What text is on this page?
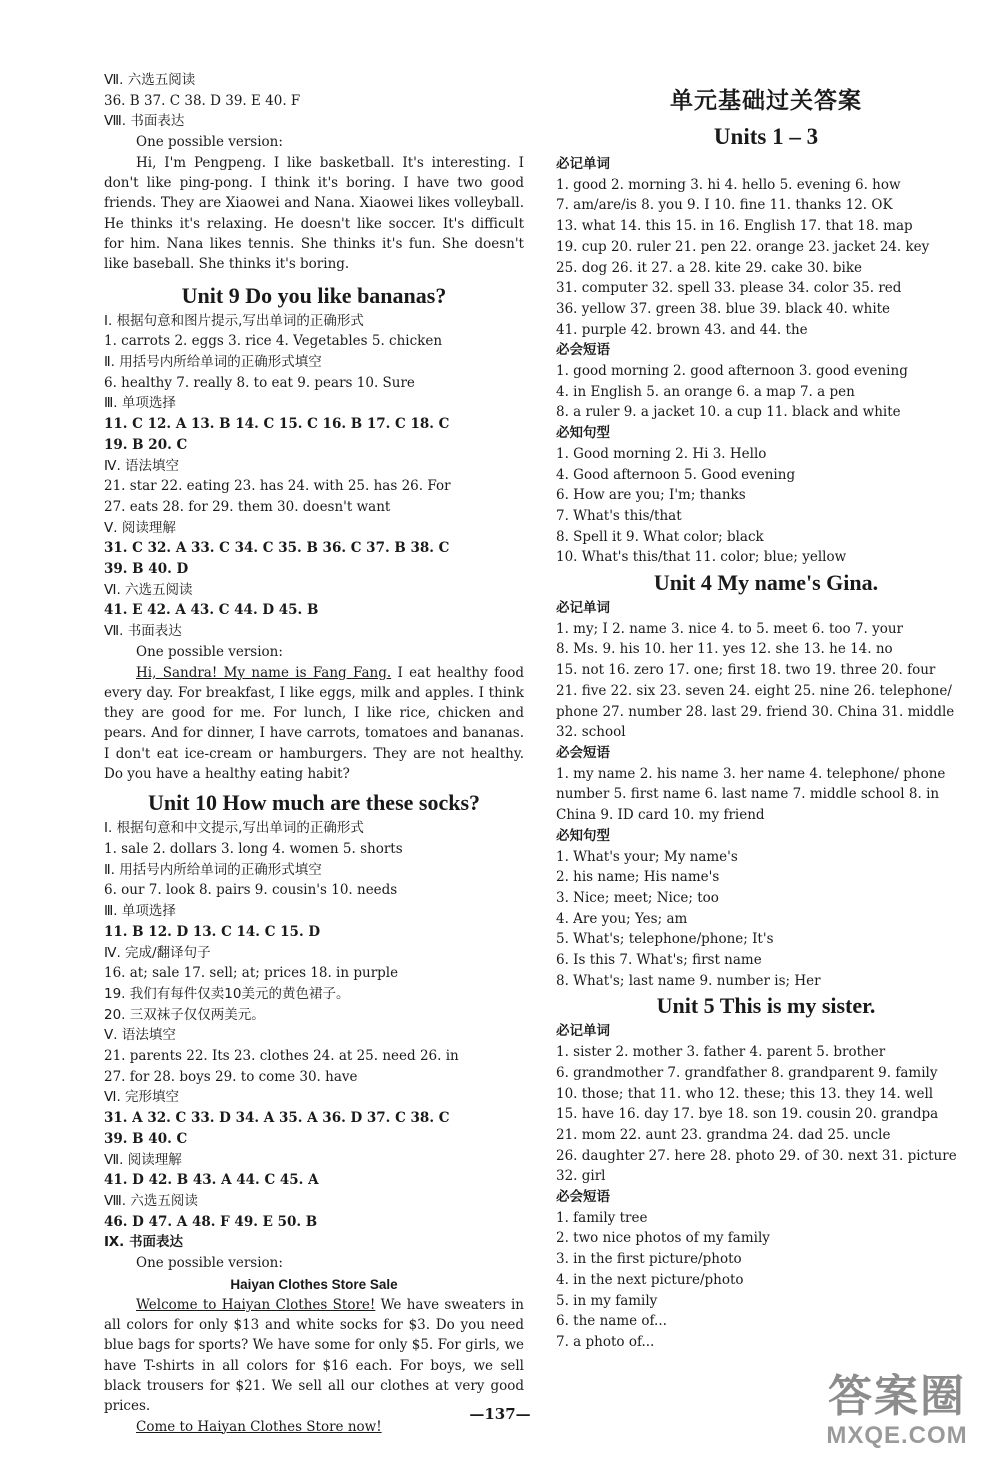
Ⅶ. 六选五阅读
36. B 37. C 38. D 39. E 40. F
Ⅷ. 书面表达
One possible version:
Hi, I'm Pengpeng. I like basketball. It's interesting. I don't like ping-pong. I think it's boring. I have two good friends. They are Xiaowei and Nana. Xiaowei likes volleyball. He thinks it's relaxing. He doesn't like soccer. It's difficult for him. Nana likes tennis. She thinks it's fun. She doesn't like baseball. She thinks it's boring.
Unit 9 Do you like bananas?
Ⅰ. 根据句意和图片提示,写出单词的正确形式
1. carrots 2. eggs 3. rice 4. Vegetables 5. chicken
Ⅱ. 用括号内所给单词的正确形式填空
6. healthy 7. really 8. to eat 9. pears 10. Sure
Ⅲ. 单项选择
11. C 12. A 13. B 14. C 15. C 16. B 17. C 18. C
19. B 20. C
Ⅳ. 语法填空
21. star 22. eating 23. has 24. with 25. has 26. For
27. eats 28. for 29. them 30. doesn't want
Ⅴ. 阅读理解
31. C 32. A 33. C 34. C 35. B 36. C 37. B 38. C
39. B 40. D
Ⅵ. 六选五阅读
41. E 42. A 43. C 44. D 45. B
Ⅶ. 书面表达
One possible version:
Hi, Sandra! My name is Fang Fang. I eat healthy food every day. For breakfast, I like eggs, milk and apples. I think they are good for me. For lunch, I like rice, chicken and pears. And for dinner, I have carrots, tomatoes and bananas. I don't eat ice-cream or hamburgers. They are not healthy. Do you have a healthy eating habit?
Unit 10 How much are these socks?
Ⅰ. 根据句意和中文提示,写出单词的正确形式
1. sale 2. dollars 3. long 4. women 5. shorts
Ⅱ. 用括号内所给单词的正确形式填空
6. our 7. look 8. pairs 9. cousin's 10. needs
Ⅲ. 单项选择
11. B 12. D 13. C 14. C 15. D
Ⅳ. 完成/翻译句子
16. at; sale 17. sell; at; prices 18. in purple
19. 我们有每件仅卖10美元的黄色裙子。
20. 三双袜子仅仅两美元。
Ⅴ. 语法填空
21. parents 22. Its 23. clothes 24. at 25. need 26. in
27. for 28. boys 29. to come 30. have
Ⅵ. 完形填空
31. A 32. C 33. D 34. A 35. A 36. D 37. C 38. C
39. B 40. C
Ⅶ. 阅读理解
41. D 42. B 43. A 44. C 45. A
Ⅷ. 六选五阅读
46. D 47. A 48. F 49. E 50. B
Ⅸ. 书面表达
One possible version:
Haiyan Clothes Store Sale
Welcome to Haiyan Clothes Store! We have sweaters in all colors for only $13 and white socks for $3. Do you need blue bags for sports? We have some for only $5. For girls, we have T-shirts in all colors for $16 each. For boys, we sell black trousers for $21. We sell all our clothes at very good prices.
Come to Haiyan Clothes Store now!
单元基础过关答案
Units 1 – 3
必记单词
1. good 2. morning 3. hi 4. hello 5. evening 6. how
7. am/are/is 8. you 9. I 10. fine 11. thanks 12. OK
13. what 14. this 15. in 16. English 17. that 18. map
19. cup 20. ruler 21. pen 22. orange 23. jacket 24. key
25. dog 26. it 27. a 28. kite 29. cake 30. bike
31. computer 32. spell 33. please 34. color 35. red
36. yellow 37. green 38. blue 39. black 40. white
41. purple 42. brown 43. and 44. the
必会短语
1. good morning 2. good afternoon 3. good evening
4. in English 5. an orange 6. a map 7. a pen
8. a ruler 9. a jacket 10. a cup 11. black and white
必知句型
1. Good morning 2. Hi 3. Hello
4. Good afternoon 5. Good evening
6. How are you; I'm; thanks
7. What's this/that
8. Spell it 9. What color; black
10. What's this/that 11. color; blue; yellow
Unit 4 My name's Gina.
必记单词
1. my; I 2. name 3. nice 4. to 5. meet 6. too 7. your
8. Ms. 9. his 10. her 11. yes 12. she 13. he 14. no
15. not 16. zero 17. one; first 18. two 19. three 20. four
21. five 22. six 23. seven 24. eight 25. nine 26. telephone/
phone 27. number 28. last 29. friend 30. China 31. middle
32. school
必会短语
1. my name 2. his name 3. her name 4. telephone/ phone
number 5. first name 6. last name 7. middle school 8. in
China 9. ID card 10. my friend
必知句型
1. What's your; My name's
2. his name; His name's
3. Nice; meet; Nice; too
4. Are you; Yes; am
5. What's; telephone/phone; It's
6. Is this 7. What's; first name
8. What's; last name 9. number is; Her
Unit 5 This is my sister.
必记单词
1. sister 2. mother 3. father 4. parent 5. brother
6. grandmother 7. grandfather 8. grandparent 9. family
10. those; that 11. who 12. these; this 13. they 14. well
15. have 16. day 17. bye 18. son 19. cousin 20. grandpa
21. mom 22. aunt 23. grandma 24. dad 25. uncle
26. daughter 27. here 28. photo 29. of 30. next 31. picture
32. girl
必会短语
1. family tree
2. two nice photos of my family
3. in the first picture/photo
4. in the next picture/photo
5. in my family
6. the name of...
7. a photo of...
—137—	答案圈
MXQE.COM
